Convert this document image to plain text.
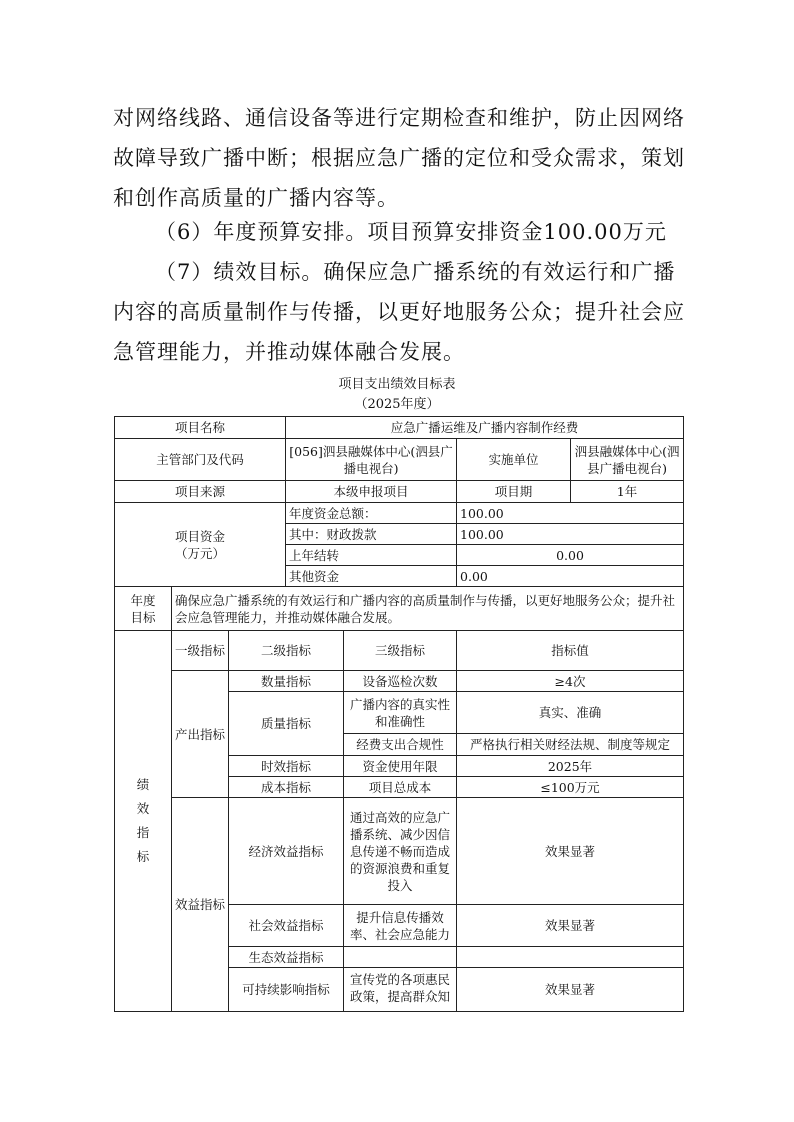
对网络线路、通信设备等进行定期检查和维护，防止因网络故障导致广播中断；根据应急广播的定位和受众需求，策划和创作高质量的广播内容等。
（6）年度预算安排。项目预算安排资金100.00万元
（7）绩效目标。确保应急广播系统的有效运行和广播内容的高质量制作与传播，以更好地服务公众；提升社会应急管理能力，并推动媒体融合发展。
项目支出绩效目标表
（2025年度）
项目名称			应急广播运维及广播内容制作经费			
主管部门及代码			[056]泗县融媒体中心(泗县广播电视台)		实施单位	泗县融媒体中心(泗县广播电视台)
项目来源			本级申报项目		项目期	1年

项目资金
（万元）			年度资金总额：		100.00	
			其中：财政拨款		100.00	
			上年结转		0.00	
			其他资金		0.00	

年度
目标	确保应急广播系统的有效运行和广播内容的高质量制作与传播，以更好地服务公众；提升社会应急管理能力，并推动媒体融合发展。					

绩
效
指
标	一级指标	二级指标		三级指标	指标值	
	产出指标	数量指标		设备巡检次数	≥4次	
		质量指标		广播内容的真实性和准确性	真实、准确	
				经费支出合规性	严格执行相关财经法规、制度等规定	
		时效指标		资金使用年限	2025年	
		成本指标		项目总成本	≤100万元	
	效益指标	经济效益指标		通过高效的应急广播系统、减少因信息传递不畅而造成的资源浪费和重复投入	效果显著	
		社会效益指标		提升信息传播效率、社会应急能力	效果显著	
		生态效益指标				
		可持续影响指标		宣传党的各项惠民政策，提高群众知	效果显著	
